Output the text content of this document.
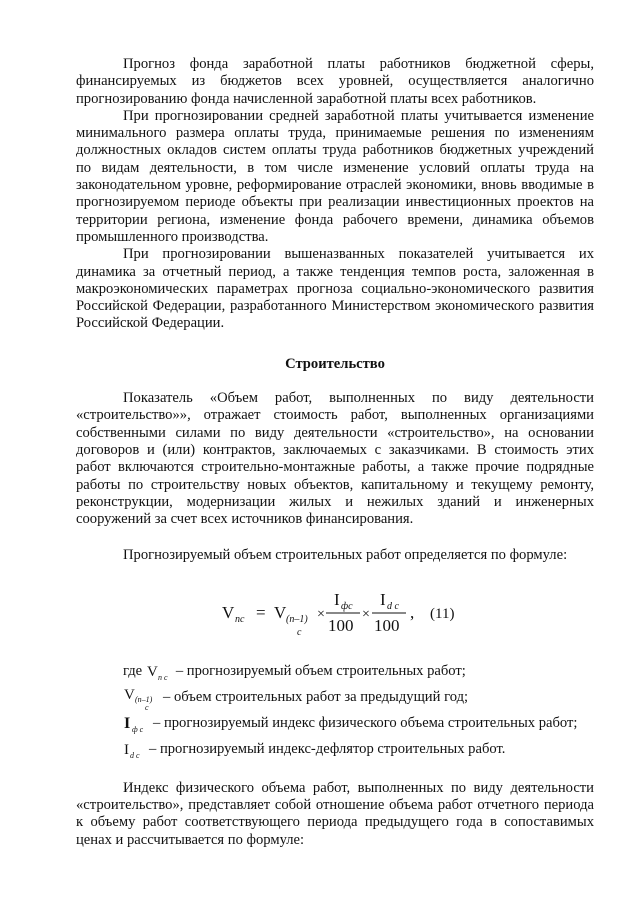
Прогноз фонда заработной платы работников бюджетной сферы, финансируемых из бюджетов всех уровней, осуществляется аналогично прогнозированию фонда начисленной заработной платы всех работников.

При прогнозировании средней заработной платы учитывается изменение минимального размера оплаты труда, принимаемые решения по изменениям должностных окладов систем оплаты труда работников бюджетных учреждений по видам деятельности, в том числе изменение условий оплаты труда на законодательном уровне, реформирование отраслей экономики, вновь вводимые в прогнозируемом периоде объекты при реализации инвестиционных проектов на территории региона, изменение фонда рабочего времени, динамика объемов промышленного производства.

При прогнозировании вышеназванных показателей учитывается их динамика за отчетный период, а также тенденция темпов роста, заложенная в макроэкономических параметрах прогноза социально-экономического развития Российской Федерации, разработанного Министерством экономического развития Российской Федерации.

Строительство

Показатель «Объем работ, выполненных по виду деятельности «строительство»», отражает стоимость работ, выполненных организациями собственными силами по виду деятельности «строительство», на основании договоров и (или) контрактов, заключаемых с заказчиками. В стоимость этих работ включаются строительно-монтажные работы, а также прочие подрядные работы по строительству новых объектов, капитальному и текущему ремонту, реконструкции, модернизации жилых и нежилых зданий и инженерных сооружений за счет всех источников финансирования.

Прогнозируемый объем строительных работ определяется по формуле:

V пс = V (n–1)
c
×
I фс
100
×
I d c
100
, (11)
где
V п с – прогнозируемый объем строительных работ;
V (n–1)
c
– объем строительных работ за предыдущий год;
I ф с – прогнозируемый индекс физического объема строительных работ;
I d с – прогнозируемый индекс-дефлятор строительных работ.

Индекс физического объема работ, выполненных по виду деятельности «строительство», представляет собой отношение объема работ отчетного периода к объему работ соответствующего периода предыдущего года в сопоставимых ценах и рассчитывается по формуле:
